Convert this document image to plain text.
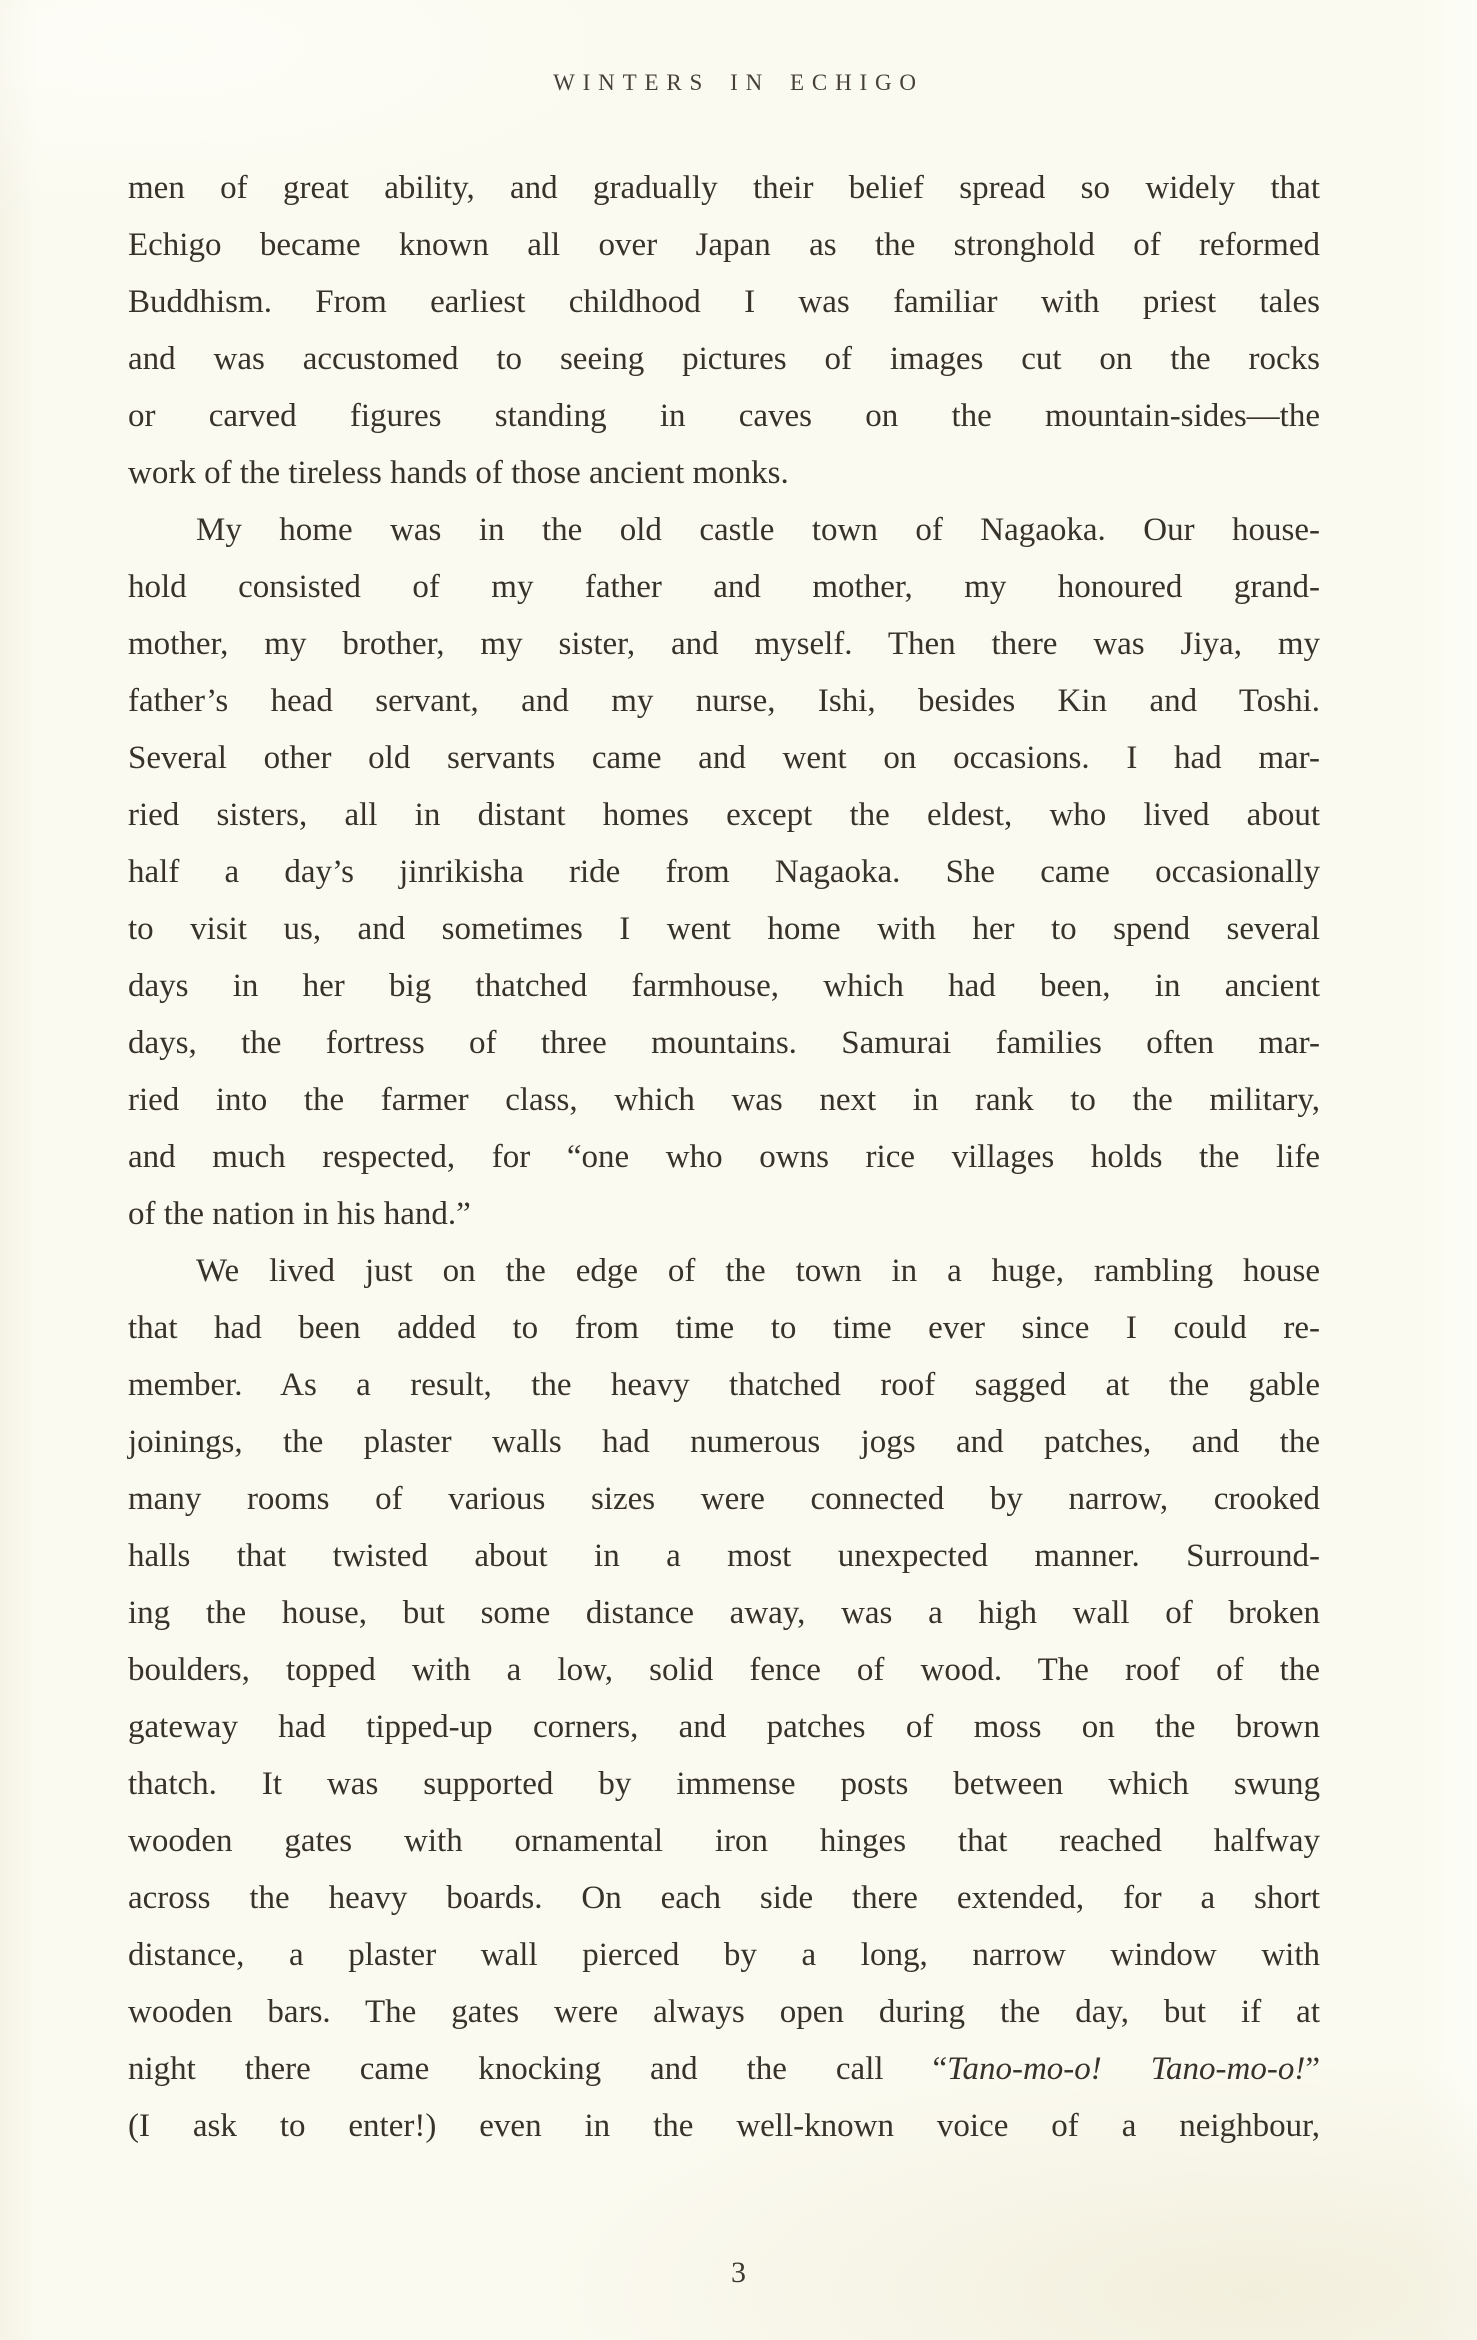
WINTERS IN ECHIGO
men of great ability, and gradually their belief spread so widely that
Echigo became known all over Japan as the stronghold of reformed
Buddhism. From earliest childhood I was familiar with priest tales
and was accustomed to seeing pictures of images cut on the rocks
or carved figures standing in caves on the mountain-sides—the
work of the tireless hands of those ancient monks.
My home was in the old castle town of Nagaoka. Our house-
hold consisted of my father and mother, my honoured grand-
mother, my brother, my sister, and myself. Then there was Jiya, my
father’s head servant, and my nurse, Ishi, besides Kin and Toshi.
Several other old servants came and went on occasions. I had mar-
ried sisters, all in distant homes except the eldest, who lived about
half a day’s jinrikisha ride from Nagaoka. She came occasionally
to visit us, and sometimes I went home with her to spend several
days in her big thatched farmhouse, which had been, in ancient
days, the fortress of three mountains. Samurai families often mar-
ried into the farmer class, which was next in rank to the military,
and much respected, for “one who owns rice villages holds the life
of the nation in his hand.”
We lived just on the edge of the town in a huge, rambling house
that had been added to from time to time ever since I could re-
member. As a result, the heavy thatched roof sagged at the gable
joinings, the plaster walls had numerous jogs and patches, and the
many rooms of various sizes were connected by narrow, crooked
halls that twisted about in a most unexpected manner. Surround-
ing the house, but some distance away, was a high wall of broken
boulders, topped with a low, solid fence of wood. The roof of the
gateway had tipped-up corners, and patches of moss on the brown
thatch. It was supported by immense posts between which swung
wooden gates with ornamental iron hinges that reached halfway
across the heavy boards. On each side there extended, for a short
distance, a plaster wall pierced by a long, narrow window with
wooden bars. The gates were always open during the day, but if at
night there came knocking and the call “Tano-mo-o! Tano-mo-o!”
(I ask to enter!) even in the well-known voice of a neighbour,
3
